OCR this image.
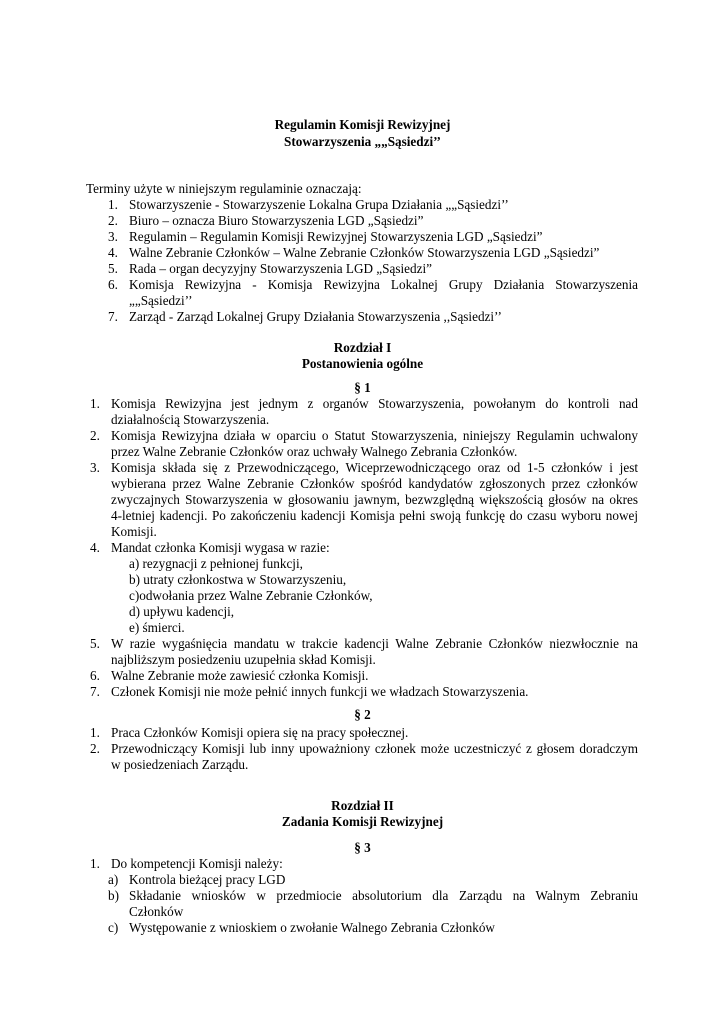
Regulamin Komisji Rewizyjnej
Stowarzyszenia „„Sąsiedzi’’
Terminy użyte w niniejszym regulaminie oznaczają:
1. Stowarzyszenie - Stowarzyszenie Lokalna Grupa Działania „„Sąsiedzi’’
2. Biuro – oznacza Biuro Stowarzyszenia LGD „Sąsiedzi”
3. Regulamin – Regulamin Komisji Rewizyjnej Stowarzyszenia LGD „Sąsiedzi”
4. Walne Zebranie Członków – Walne Zebranie Członków Stowarzyszenia LGD „Sąsiedzi”
5. Rada – organ decyzyjny Stowarzyszenia LGD „Sąsiedzi”
6. Komisja Rewizyjna - Komisja Rewizyjna Lokalnej Grupy Działania Stowarzyszenia
„„Sąsiedzi’’
7. Zarząd - Zarząd Lokalnej Grupy Działania Stowarzyszenia ,,Sąsiedzi’’
Rozdział I
Postanowienia ogólne
§ 1
1. Komisja Rewizyjna jest jednym z organów Stowarzyszenia, powołanym do kontroli nad
działalnością Stowarzyszenia.
2. Komisja Rewizyjna działa w oparciu o Statut Stowarzyszenia, niniejszy Regulamin uchwalony
przez Walne Zebranie Członków oraz uchwały Walnego Zebrania Członków.
3. Komisja składa się z Przewodniczącego, Wiceprzewodniczącego oraz od 1-5 członków i jest
wybierana przez Walne Zebranie Członków spośród kandydatów zgłoszonych przez członków
zwyczajnych Stowarzyszenia w głosowaniu jawnym, bezwzględną większością głosów na okres
4-letniej kadencji. Po zakończeniu kadencji Komisja pełni swoją funkcję do czasu wyboru nowej
Komisji.
4. Mandat członka Komisji wygasa w razie:
a) rezygnacji z pełnionej funkcji,
b) utraty członkostwa w Stowarzyszeniu,
c)odwołania przez Walne Zebranie Członków,
d) upływu kadencji,
e) śmierci.
5. W razie wygaśnięcia mandatu w trakcie kadencji Walne Zebranie Członków niezwłocznie na
najbliższym posiedzeniu uzupełnia skład Komisji.
6. Walne Zebranie może zawiesić członka Komisji.
7. Członek Komisji nie może pełnić innych funkcji we władzach Stowarzyszenia.
§ 2
1. Praca Członków Komisji opiera się na pracy społecznej.
2. Przewodniczący Komisji lub inny upoważniony członek może uczestniczyć z głosem doradczym
w posiedzeniach Zarządu.
Rozdział II
Zadania Komisji Rewizyjnej
§ 3
1. Do kompetencji Komisji należy:
a) Kontrola bieżącej pracy LGD
b) Składanie wniosków w przedmiocie absolutorium dla Zarządu na Walnym Zebraniu
Członków
c) Występowanie z wnioskiem o zwołanie Walnego Zebrania Członków
